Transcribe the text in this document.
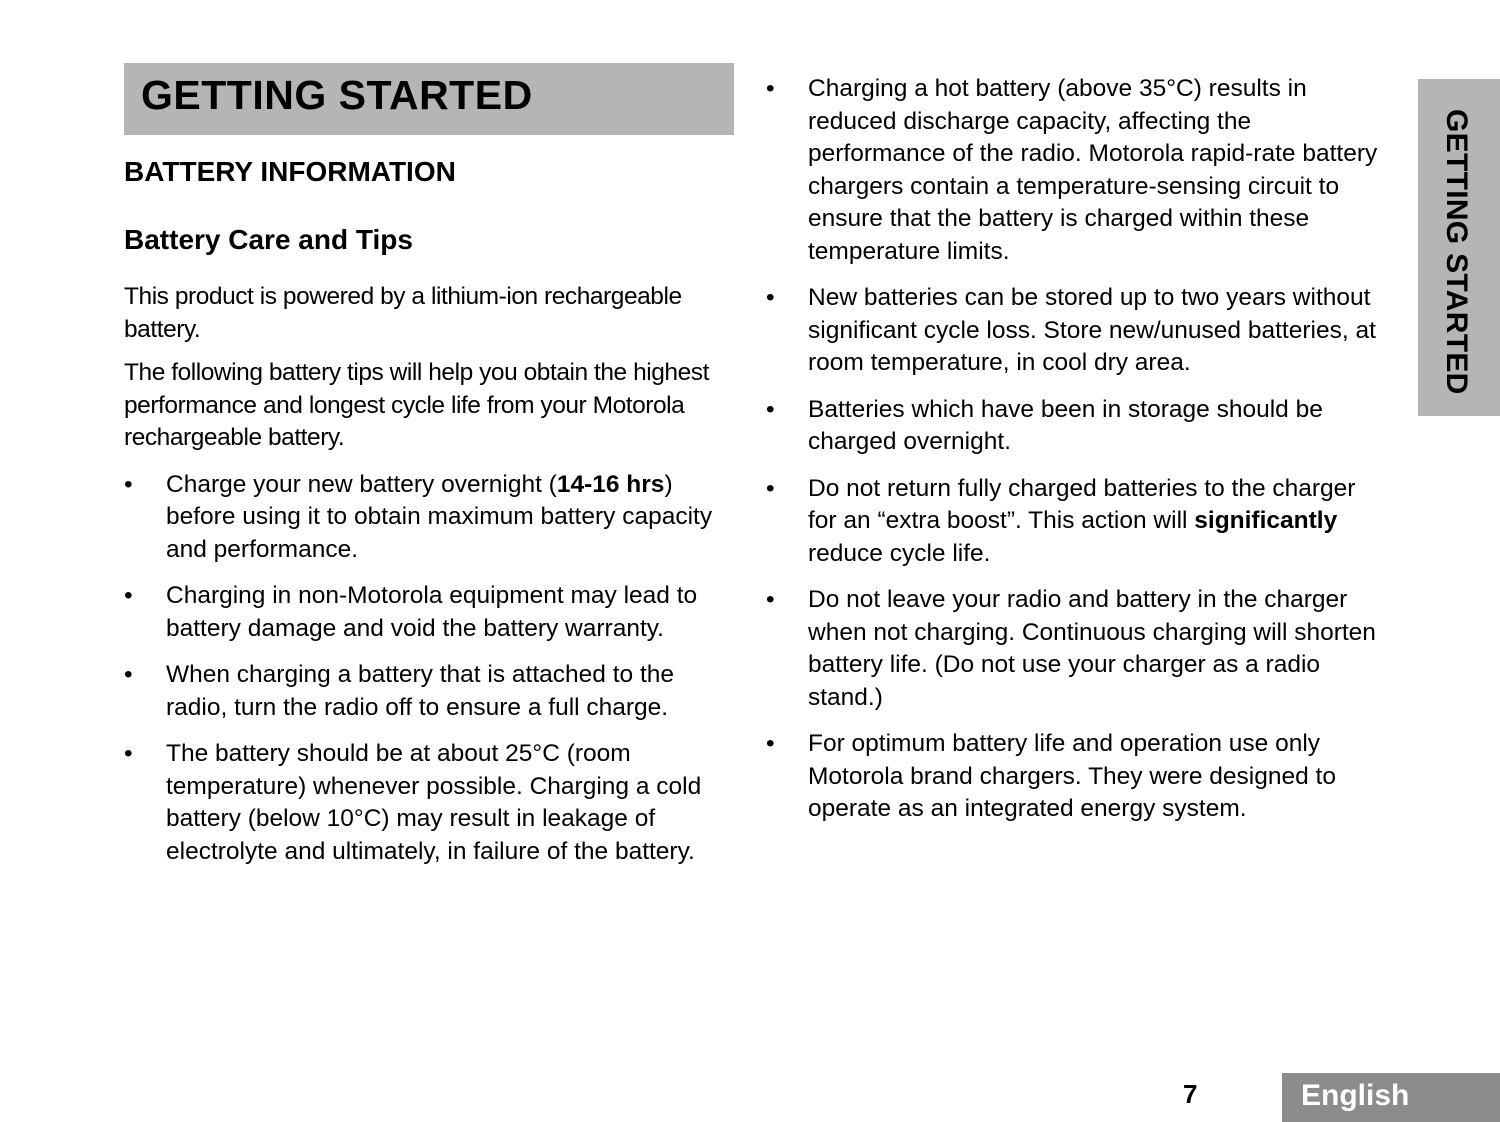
GETTING STARTED
BATTERY INFORMATION
Battery Care and Tips

This product is powered by a lithium-ion rechargeable battery.

The following battery tips will help you obtain the highest performance and longest cycle life from your Motorola rechargeable battery.

•	Charge your new battery overnight (14-16 hrs) before using it to obtain maximum battery capacity and performance.
•	Charging in non-Motorola equipment may lead to battery damage and void the battery warranty.
•	When charging a battery that is attached to the radio, turn the radio off to ensure a full charge.
•	The battery should be at about 25°C (room temperature) whenever possible. Charging a cold battery (below 10°C) may result in leakage of electrolyte and ultimately, in failure of the battery.
•	Charging a hot battery (above 35°C) results in reduced discharge capacity, affecting the performance of the radio. Motorola rapid-rate battery chargers contain a temperature-sensing circuit to ensure that the battery is charged within these temperature limits.
•	New batteries can be stored up to two years without significant cycle loss. Store new/unused batteries, at room temperature, in cool dry area.
•	Batteries which have been in storage should be charged overnight.
•	Do not return fully charged batteries to the charger for an “extra boost”. This action will significantly reduce cycle life.
•	Do not leave your radio and battery in the charger when not charging. Continuous charging will shorten battery life. (Do not use your charger as a radio stand.)
•	For optimum battery life and operation use only Motorola brand chargers. They were designed to operate as an integrated energy system.
GETTING STARTED
7	English
